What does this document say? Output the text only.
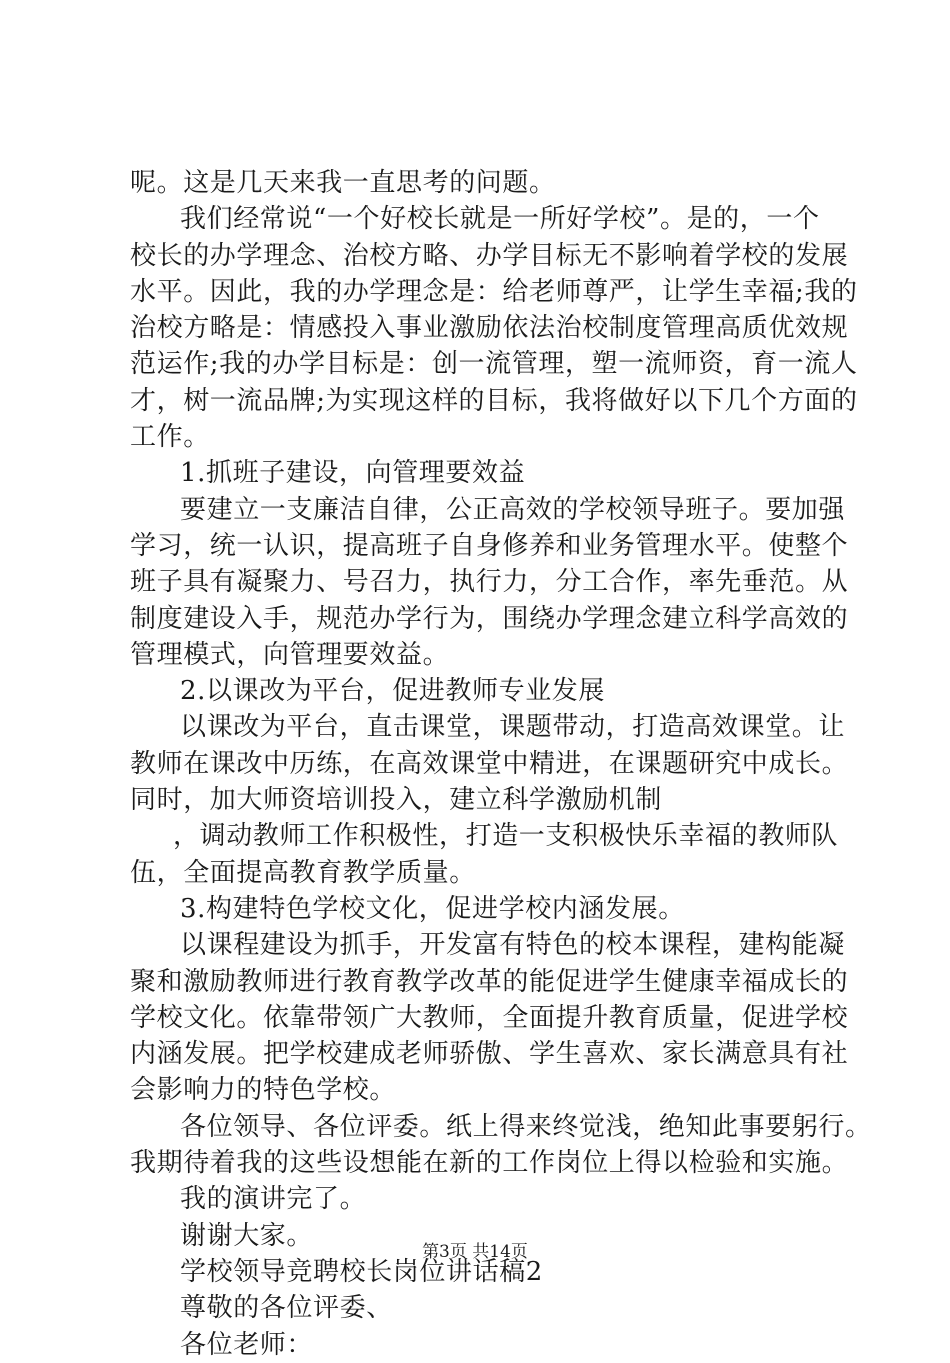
呢。这是几天来我一直思考的问题。
我们经常说“一个好校长就是一所好学校”。是的，一个
校长的办学理念、治校方略、办学目标无不影响着学校的发展
水平。因此，我的办学理念是：给老师尊严，让学生幸福;我的
治校方略是：情感投入事业激励依法治校制度管理高质优效规
范运作;我的办学目标是：创一流管理，塑一流师资，育一流人
才，树一流品牌;为实现这样的目标，我将做好以下几个方面的
工作。
1.抓班子建设，向管理要效益
要建立一支廉洁自律，公正高效的学校领导班子。要加强
学习，统一认识，提高班子自身修养和业务管理水平。使整个
班子具有凝聚力、号召力，执行力，分工合作，率先垂范。从
制度建设入手，规范办学行为，围绕办学理念建立科学高效的
管理模式，向管理要效益。
2.以课改为平台，促进教师专业发展
以课改为平台，直击课堂，课题带动，打造高效课堂。让
教师在课改中历练，在高效课堂中精进，在课题研究中成长。
同时，加大师资培训投入，建立科学激励机制
，调动教师工作积极性，打造一支积极快乐幸福的教师队
伍，全面提高教育教学质量。
3.构建特色学校文化，促进学校内涵发展。
以课程建设为抓手，开发富有特色的校本课程，建构能凝
聚和激励教师进行教育教学改革的能促进学生健康幸福成长的
学校文化。依靠带领广大教师，全面提升教育质量，促进学校
内涵发展。把学校建成老师骄傲、学生喜欢、家长满意具有社
会影响力的特色学校。
各位领导、各位评委。纸上得来终觉浅，绝知此事要躬行。
我期待着我的这些设想能在新的工作岗位上得以检验和实施。
我的演讲完了。
谢谢大家。
学校领导竞聘校长岗位讲话稿2
尊敬的各位评委、
各位老师：
第3页 共14页
